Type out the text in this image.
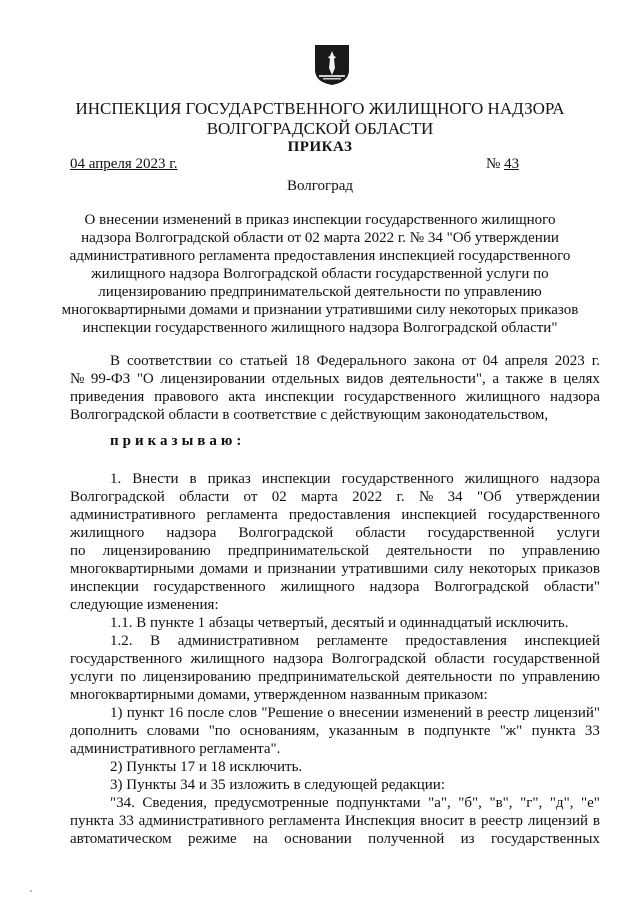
ИНСПЕКЦИЯ ГОСУДАРСТВЕННОГО ЖИЛИЩНОГО НАДЗОРА
ВОЛГОГРАДСКОЙ ОБЛАСТИ
ПРИКАЗ
04 апреля 2023 г.	№ 43
Волгоград
О внесении изменений в приказ инспекции государственного жилищного
надзора Волгоградской области от 02 марта 2022 г. № 34 "Об утверждении
административного регламента предоставления инспекцией государственного
жилищного надзора Волгоградской области государственной услуги по
лицензированию предпринимательской деятельности по управлению
многоквартирными домами и признании утратившими силу некоторых приказов
инспекции государственного жилищного надзора Волгоградской области"
В соответствии со статьей 18 Федерального закона от 04 апреля 2023 г.
№ 99-ФЗ "О лицензировании отдельных видов деятельности", а также в целях
приведения правового акта инспекции государственного жилищного надзора
Волгоградской области в соответствие с действующим законодательством,
приказываю:
1. Внести в приказ инспекции государственного жилищного надзора
Волгоградской области от 02 марта 2022 г. № 34 "Об утверждении
административного регламента предоставления инспекцией государственного
жилищного надзора Волгоградской области государственной услуги
по лицензированию предпринимательской деятельности по управлению
многоквартирными домами и признании утратившими силу некоторых приказов
инспекции государственного жилищного надзора Волгоградской области"
следующие изменения:
1.1. В пункте 1 абзацы четвертый, десятый и одиннадцатый исключить.
1.2. В административном регламенте предоставления инспекцией
государственного жилищного надзора Волгоградской области государственной
услуги по лицензированию предпринимательской деятельности по управлению
многоквартирными домами, утвержденном названным приказом:
1) пункт 16 после слов "Решение о внесении изменений в реестр лицензий"
дополнить словами "по основаниям, указанным в подпункте "ж" пункта 33
административного регламента".
2) Пункты 17 и 18 исключить.
3) Пункты 34 и 35 изложить в следующей редакции:
"34. Сведения, предусмотренные подпунктами "а", "б", "в", "г", "д", "е"
пункта 33 административного регламента Инспекция вносит в реестр лицензий в
автоматическом режиме на основании полученной из государственных
